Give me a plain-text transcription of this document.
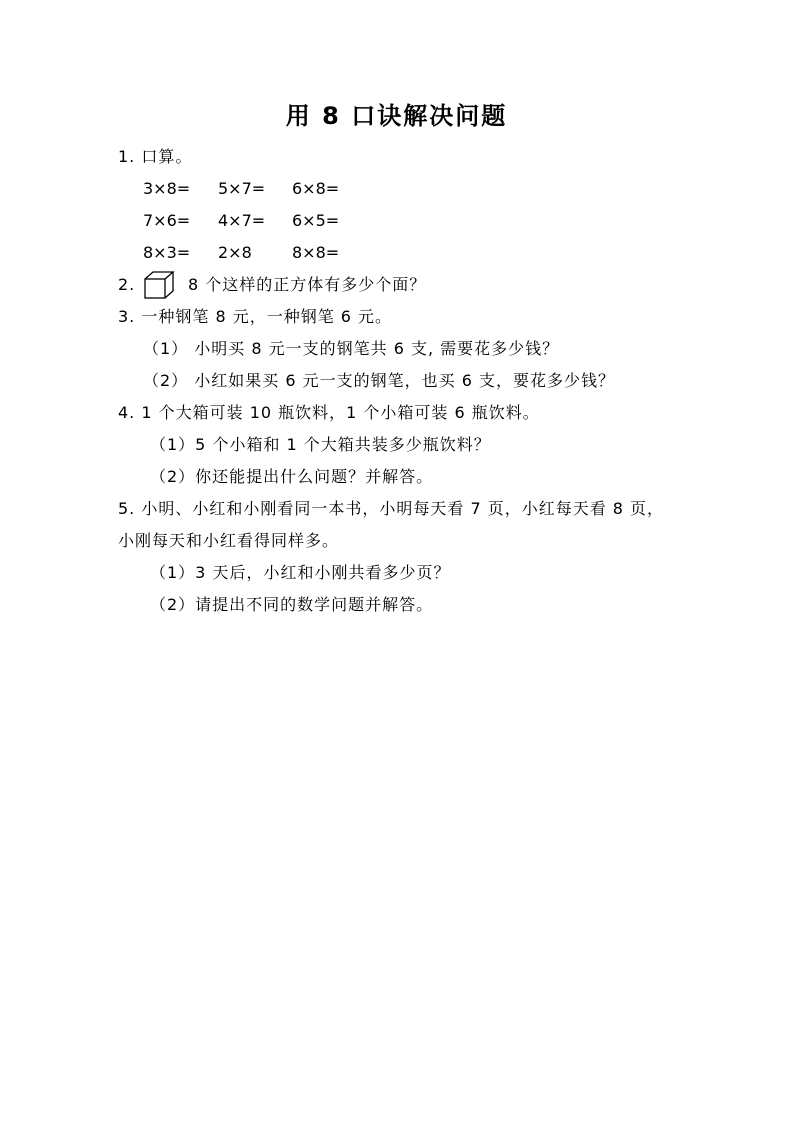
用 8 口诀解决问题
1. 口算。
3×8= 5×7= 6×8=
7×6= 4×7= 6×5=
8×3= 2×8	8×8=
2.	8 个这样的正方体有多少个面？
3. 一种钢笔 8 元，一种钢笔 6 元。
（1） 小明买 8 元一支的钢笔共 6 支, 需要花多少钱？
（2） 小红如果买 6 元一支的钢笔，也买 6 支，要花多少钱？
4. 1 个大箱可装 10 瓶饮料，1 个小箱可装 6 瓶饮料。
（1）5 个小箱和 1 个大箱共装多少瓶饮料？
（2）你还能提出什么问题？并解答。
5. 小明、小红和小刚看同一本书，小明每天看 7 页，小红每天看 8 页，
小刚每天和小红看得同样多。
（1）3 天后，小红和小刚共看多少页？
（2）请提出不同的数学问题并解答。
